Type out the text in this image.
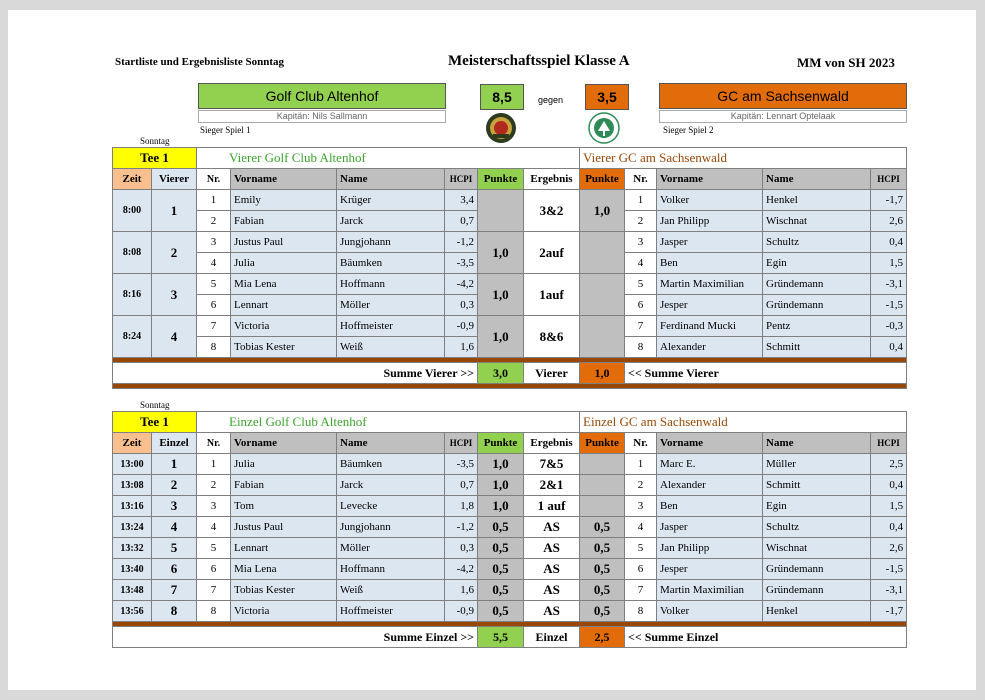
Startliste und Ergebnisliste Sonntag	Meisterschaftsspiel Klasse A	MM von SH 2023
Golf Club Altenhof
Kapitän: Nils Sallmann
Sieger Spiel 1
8,5	gegen	3,5	GC am Sachsenwald
Kapitän: Lennart Optelaak
Sieger Spiel 2
Sonntag
Tee 1		Vierer Golf Club Altenhof						Vierer GC am Sachsenwald				
Zeit	Vierer	Nr.	Vorname	Name	HCPI	Punkte	Ergebnis	Punkte	Nr.	Vorname	Name	HCPI
8:00	1	1	Emily	Krüger	3,4		3&2	1,0	1	Volker	Henkel	-1,7
		2	Fabian	Jarck	0,7				2	Jan Philipp	Wischnat	2,6
8:08	2	3	Justus Paul	Jungjohann	-1,2	1,0	2auf		3	Jasper	Schultz	0,4
		4	Julia	Bäumken	-3,5				4	Ben	Egin	1,5
8:16	3	5	Mia Lena	Hoffmann	-4,2	1,0	1auf		5	Martin Maximilian	Gründemann	-3,1
		6	Lennart	Möller	0,3				6	Jesper	Gründemann	-1,5
8:24	4	7	Victoria	Hoffmeister	-0,9	1,0	8&6		7	Ferdinand Mucki	Pentz	-0,3
		8	Tobias Kester	Weiß	1,6				8	Alexander	Schmitt	0,4

Summe Vierer >>						3,0	Vierer	1,0	<< Summe Vierer			

Sonntag
Tee 1		Einzel Golf Club Altenhof						Einzel GC am Sachsenwald				
Zeit	Einzel	Nr.	Vorname	Name	HCPI	Punkte	Ergebnis	Punkte	Nr.	Vorname	Name	HCPI
13:00	1	1	Julia	Bäumken	-3,5	1,0	7&5		1	Marc E.	Müller	2,5
13:08	2	2	Fabian	Jarck	0,7	1,0	2&1		2	Alexander	Schmitt	0,4
13:16	3	3	Tom	Levecke	1,8	1,0	1 auf		3	Ben	Egin	1,5
13:24	4	4	Justus Paul	Jungjohann	-1,2	0,5	AS	0,5	4	Jasper	Schultz	0,4
13:32	5	5	Lennart	Möller	0,3	0,5	AS	0,5	5	Jan Philipp	Wischnat	2,6
13:40	6	6	Mia Lena	Hoffmann	-4,2	0,5	AS	0,5	6	Jesper	Gründemann	-1,5
13:48	7	7	Tobias Kester	Weiß	1,6	0,5	AS	0,5	7	Martin Maximilian	Gründemann	-3,1
13:56	8	8	Victoria	Hoffmeister	-0,9	0,5	AS	0,5	8	Volker	Henkel	-1,7

Summe Einzel >>						5,5	Einzel	2,5	<< Summe Einzel			
